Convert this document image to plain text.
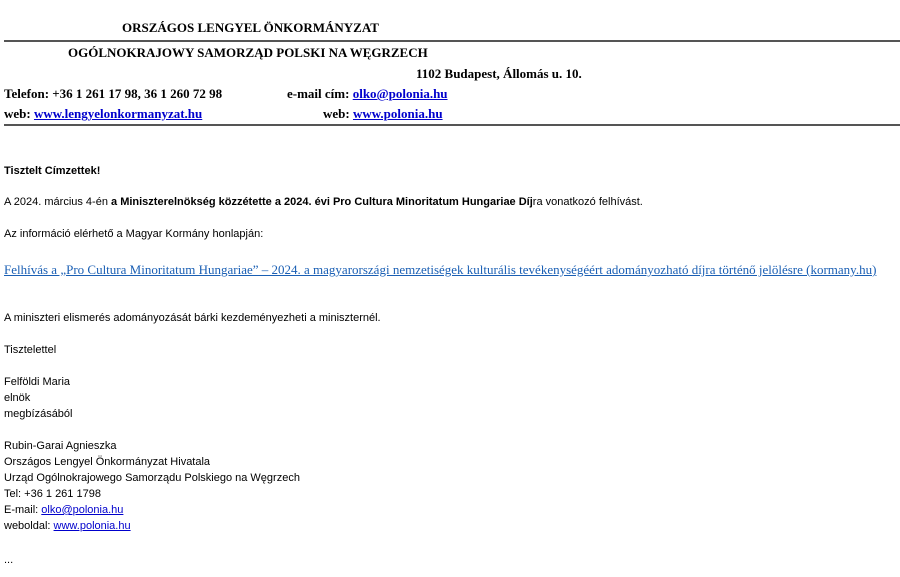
ORSZÁGOS LENGYEL ÖNKORMÁNYZAT
OGÓLNOKRAJOWY SAMORZĄD POLSKI NA WĘGRZECH
1102 Budapest, Állomás u. 10.
Telefon: +36 1 261 17 98, 36 1 260 72 98	e-mail cím: olko@polonia.hu
web: www.lengyelonkormanyzat.hu	web: www.polonia.hu
Tisztelt Címzettek!
A 2024. március 4-én a Miniszterelnökség közzétette a 2024. évi Pro Cultura Minoritatum Hungariae Díjra vonatkozó felhívást.
Az információ elérhető a Magyar Kormány honlapján:
Felhívás a „Pro Cultura Minoritatum Hungariae” – 2024. a magyarországi nemzetiségek kulturális tevékenységéért adományozható díjra történő jelölésre (kormany.hu)
A miniszteri elismerés adományozását bárki kezdeményezheti a miniszternél.
Tisztelettel
Felföldi Maria
elnök
megbízásából
Rubin-Garai Agnieszka
Országos Lengyel Önkormányzat Hivatala
Urząd Ogólnokrajowego Samorządu Polskiego na Węgrzech
Tel: +36 1 261 1798
E-mail: olko@polonia.hu
weboldal: www.polonia.hu
...
